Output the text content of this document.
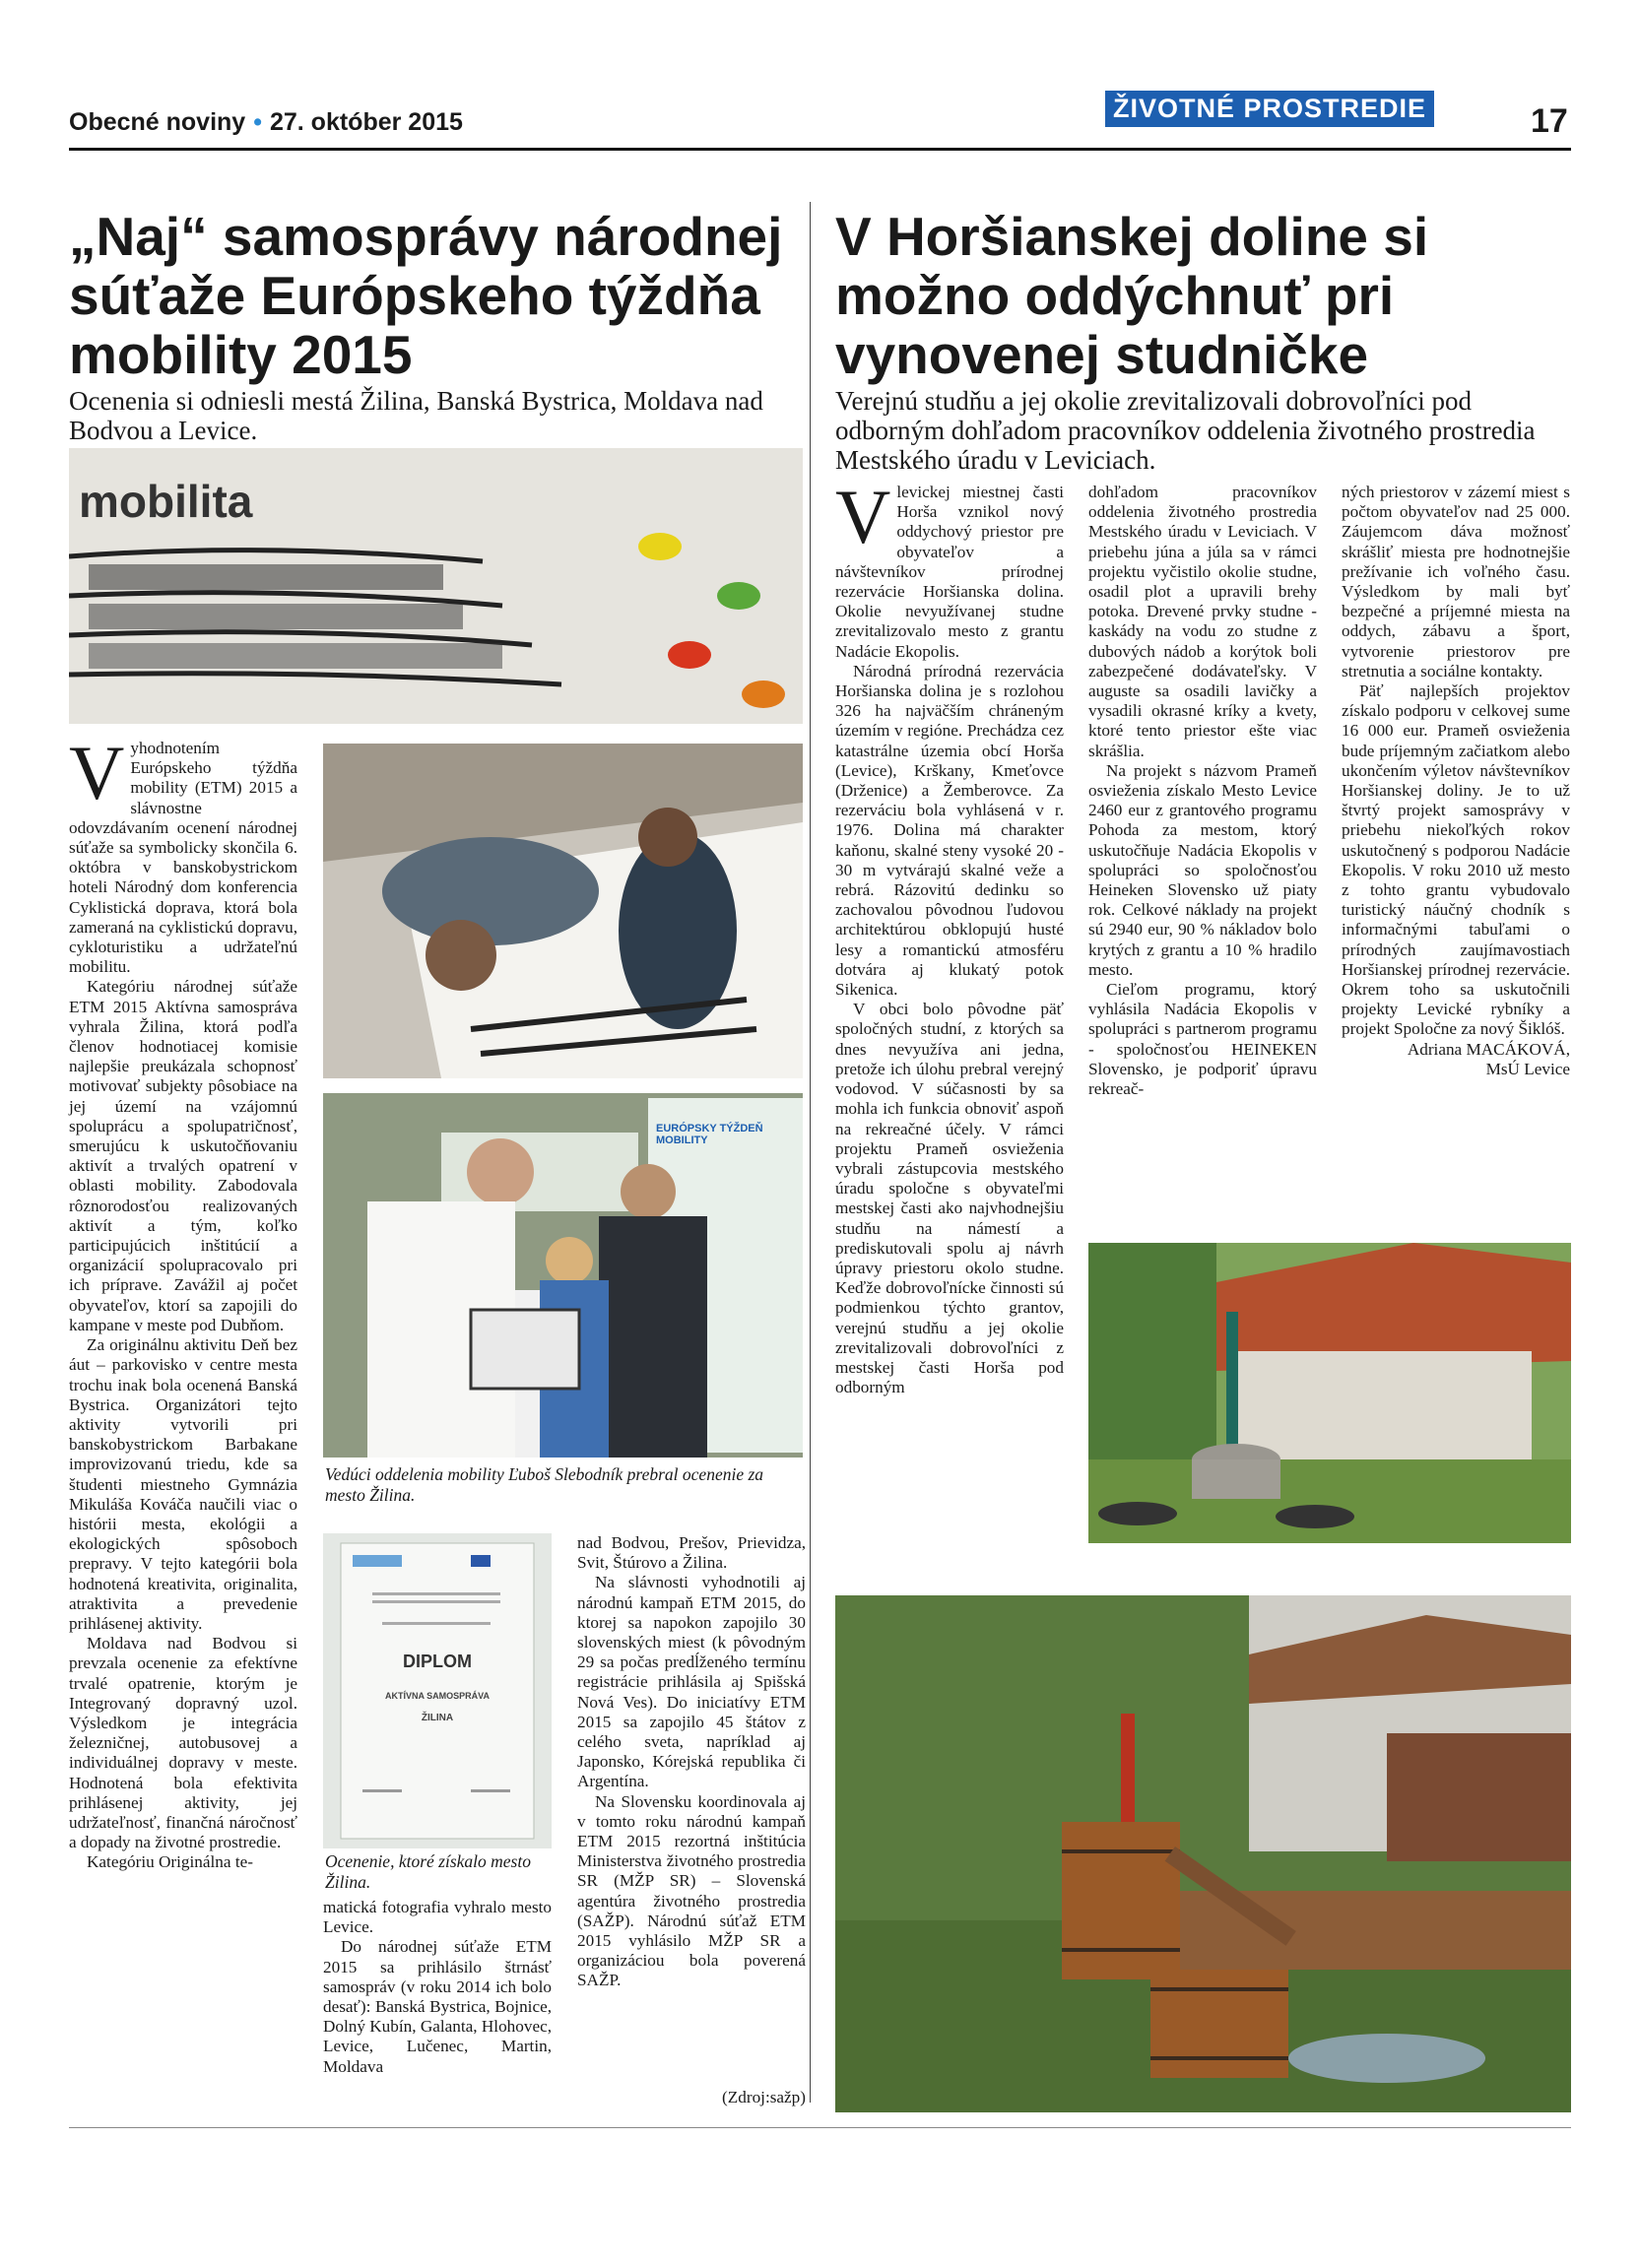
Obecné noviny • 27. október 2015	ŽIVOTNÉ PROSTREDIE	17
„Naj“ samosprávy národnej súťaže Európskeho týždňa mobility 2015
Ocenenia si odniesli mestá Žilina, Banská Bystrica, Moldava nad Bodvou a Levice.
mobilita

Vyhodnotením Európskeho týždňa mobility (ETM) 2015 a slávnostne odovzdávaním ocenení národnej súťaže sa symbolicky skončila 6. októbra v banskobystrickom hoteli Národný dom konferencia Cyklistická doprava, ktorá bola zameraná na cyklistickú dopravu, cykloturistiku a udržateľnú mobilitu.

Kategóriu národnej súťaže ETM 2015 Aktívna samospráva vyhrala Žilina, ktorá podľa členov hodnotiacej komisie najlepšie preukázala schopnosť motivovať subjekty pôsobiace na jej území na vzájomnú spoluprácu a spolupatričnosť, smerujúcu k uskutočňovaniu aktivít a trvalých opatrení v oblasti mobility. Zabodovala rôznorodosťou realizovaných aktivít a tým, koľko participujúcich inštitúcií a organizácií spolupracovalo pri ich príprave. Zavážil aj počet obyvateľov, ktorí sa zapojili do kampane v meste pod Dubňom.

Za originálnu aktivitu Deň bez áut – parkovisko v centre mesta trochu inak bola ocenená Banská Bystrica. Organizátori tejto aktivity vytvorili pri banskobystrickom Barbakane improvizovanú triedu, kde sa študenti miestneho Gymnázia Mikuláša Kováča naučili viac o histórii mesta, ekológii a ekologických spôsoboch prepravy. V tejto kategórii bola hodnotená kreativita, originalita, atraktivita a prevedenie prihlásenej aktivity.

Moldava nad Bodvou si prevzala ocenenie za efektívne trvalé opatrenie, ktorým je Integrovaný dopravný uzol. Výsledkom je integrácia železničnej, autobusovej a individuálnej dopravy v meste. Hodnotená bola efektivita prihlásenej aktivity, jej udržateľnosť, finančná náročnosť a dopady na životné prostredie.

Kategóriu Originálna te-

EURÓPSKY TÝŽDEŇ MOBILITY
Vedúci oddelenia mobility Ľuboš Slebodník prebral ocenenie za mesto Žilina.

matická fotografia vyhralo mesto Levice.

Do národnej súťaže ETM 2015 sa prihlásilo štrnásť samospráv (v roku 2014 ich bolo desať): Banská Bystrica, Bojnice, Dolný Kubín, Galanta, Hlohovec, Levice, Lučenec, Martin, Moldava

DIPLOM
AKTÍVNA SAMOSPRÁVA
ŽILINA
Ocenenie, ktoré získalo mesto Žilina.

nad Bodvou, Prešov, Prievidza, Svit, Štúrovo a Žilina.

Na slávnosti vyhodnotili aj národnú kampaň ETM 2015, do ktorej sa napokon zapojilo 30 slovenských miest (k pôvodným 29 sa počas predĺženého termínu registrácie prihlásila aj Spišská Nová Ves). Do iniciatívy ETM 2015 sa zapojilo 45 štátov z celého sveta, napríklad aj Japonsko, Kórejská republika či Argentína.

Na Slovensku koordinovala aj v tomto roku národnú kampaň ETM 2015 rezortná inštitúcia Ministerstva životného prostredia SR (MŽP SR) – Slovenská agentúra životného prostredia (SAŽP). Národnú súťaž ETM 2015 vyhlásilo MŽP SR a organizáciou bola poverená SAŽP.

(Zdroj:sažp)
V Horšianskej doline si možno oddýchnuť pri vynovenej studničke
Verejnú studňu a jej okolie zrevitalizovali dobrovoľníci pod odborným dohľadom pracovníkov oddelenia životného prostredia Mestského úradu v Leviciach.

Vlevickej miestnej časti Horša vznikol nový oddychový priestor pre obyvateľov a návštevníkov prírodnej rezervácie Horšianska dolina. Okolie nevyužívanej studne zrevitalizovalo mesto z grantu Nadácie Ekopolis.

Národná prírodná rezervácia Horšianska dolina je s rozlohou 326 ha najväčším chráneným územím v regióne. Prechádza cez katastrálne územia obcí Horša (Levice), Krškany, Kmeťovce (Drženice) a Žemberovce. Za rezerváciu bola vyhlásená v r. 1976. Dolina má charakter kaňonu, skalné steny vysoké 20 - 30 m vytvárajú skalné veže a rebrá. Rázovitú dedinku so zachovalou pôvodnou ľudovou architektúrou obklopujú husté lesy a romantickú atmosféru dotvára aj klukatý potok Sikenica.

V obci bolo pôvodne päť spoločných studní, z ktorých sa dnes nevyužíva ani jedna, pretože ich úlohu prebral verejný vodovod. V súčasnosti by sa mohla ich funkcia obnoviť aspoň na rekreačné účely. V rámci projektu Prameň osvieženia vybrali zástupcovia mestského úradu spoločne s obyvateľmi mestskej časti ako najvhodnejšiu studňu na námestí a prediskutovali spolu aj návrh úpravy priestoru okolo studne. Keďže dobrovoľnícke činnosti sú podmienkou týchto grantov, verejnú studňu a jej okolie zrevitalizovali dobrovoľníci z mestskej časti Horša pod odborným

dohľadom pracovníkov oddelenia životného prostredia Mestského úradu v Leviciach. V priebehu júna a júla sa v rámci projektu vyčistilo okolie studne, osadil plot a upravili brehy potoka. Drevené prvky studne - kaskády na vodu zo studne z dubových nádob a korýtok boli zabezpečené dodávateľsky. V auguste sa osadili lavičky a vysadili okrasné kríky a kvety, ktoré tento priestor ešte viac skrášlia.

Na projekt s názvom Prameň osvieženia získalo Mesto Levice 2460 eur z grantového programu Pohoda za mestom, ktorý uskutočňuje Nadácia Ekopolis v spolupráci so spoločnosťou Heineken Slovensko už piaty rok. Celkové náklady na projekt sú 2940 eur, 90 % nákladov bolo krytých z grantu a 10 % hradilo mesto.

Cieľom programu, ktorý vyhlásila Nadácia Ekopolis v spolupráci s partnerom programu - spoločnosťou HEINEKEN Slovensko, je podporiť úpravu rekreač-

ných priestorov v zázemí miest s počtom obyvateľov nad 25 000. Záujemcom dáva možnosť skrášliť miesta pre hodnotnejšie prežívanie ich voľného času. Výsledkom by mali byť bezpečné a príjemné miesta na oddych, zábavu a šport, vytvorenie priestorov pre stretnutia a sociálne kontakty.

Päť najlepších projektov získalo podporu v celkovej sume 16 000 eur. Prameň osvieženia bude príjemným začiatkom alebo ukončením výletov návštevníkov Horšianskej doliny. Je to už štvrtý projekt samosprávy v priebehu niekoľkých rokov uskutočnený s podporou Nadácie Ekopolis. V roku 2010 už mesto z tohto grantu vybudovalo turistický náučný chodník s informačnými tabuľami o prírodných zaujímavostiach Horšianskej prírodnej rezervácie. Okrem toho sa uskutočnili projekty Levické rybníky a projekt Spoločne za nový Šiklóš.

Adriana MACÁKOVÁ,

MsÚ Levice
